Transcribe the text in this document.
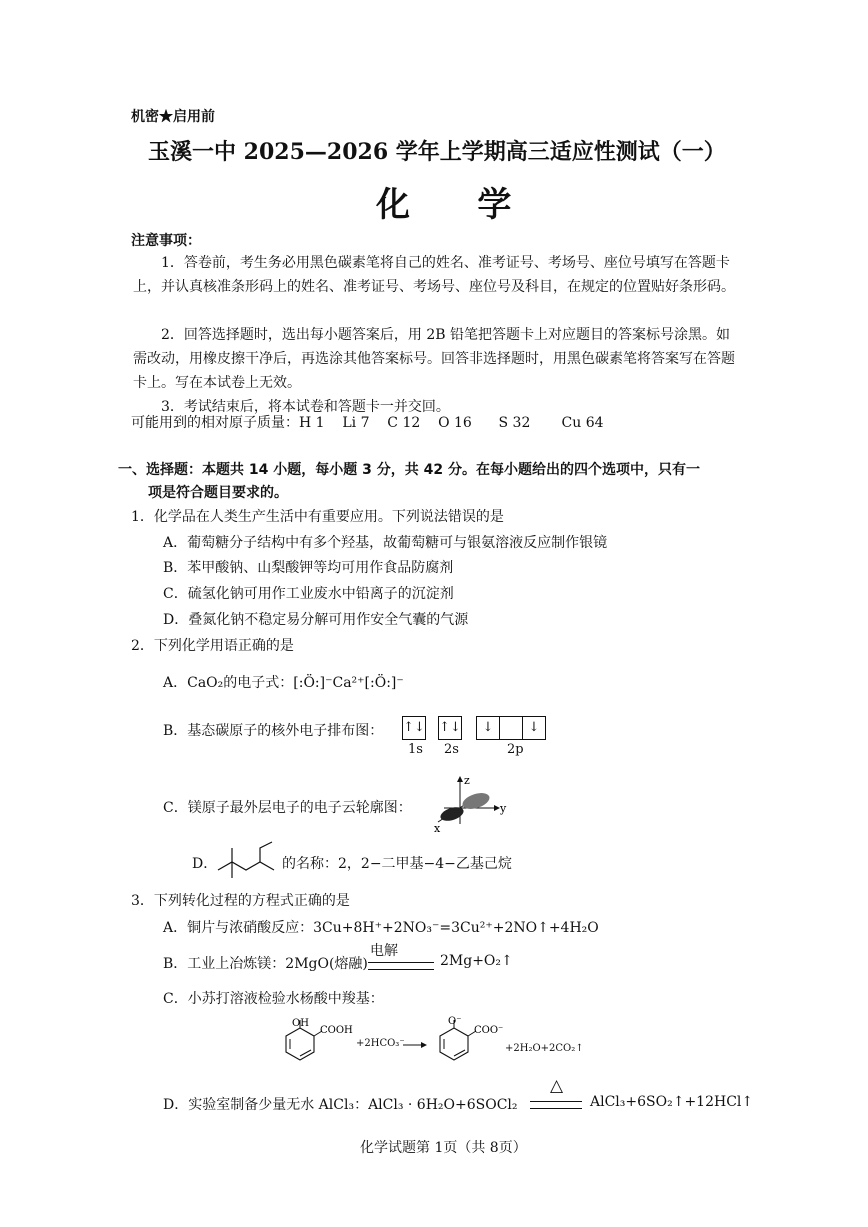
机密★启用前
玉溪一中 2025—2026 学年上学期高三适应性测试（一）
化    学
注意事项：
1．答卷前，考生务必用黑色碳素笔将自己的姓名、准考证号、考场号、座位号填写在答题卡上，并认真核准条形码上的姓名、准考证号、考场号、座位号及科目，在规定的位置贴好条形码。
2．回答选择题时，选出每小题答案后，用 2B 铅笔把答题卡上对应题目的答案标号涂黑。如需改动，用橡皮擦干净后，再选涂其他答案标号。回答非选择题时，用黑色碳素笔将答案写在答题卡上。写在本试卷上无效。
3．考试结束后，将本试卷和答题卡一并交回。
可能用到的相对原子质量：H 1    Li 7    C 12    O 16      S 32       Cu 64
一、选择题：本题共 14 小题，每小题 3 分，共 42 分。在每小题给出的四个选项中，只有一
项是符合题目要求的。
1．化学品在人类生产生活中有重要应用。下列说法错误的是
A．葡萄糖分子结构中有多个羟基，故葡萄糖可与银氨溶液反应制作银镜
B．苯甲酸钠、山梨酸钾等均可用作食品防腐剂
C．硫氢化钠可用作工业废水中铅离子的沉淀剂
D．叠氮化钠不稳定易分解可用作安全气囊的气源
2．下列化学用语正确的是
A．CaO₂的电子式：[:Ö:]⁻Ca²⁺[:Ö:]⁻
B．基态碳原子的核外电子排布图： ↑↓ ↑↓	↓	↓
1s 2s	2p
C．镁原子最外层电子的电子云轮廓图：
z
y
x
D．	的名称：2，2−二甲基−4−乙基己烷
3．下列转化过程的方程式正确的是
A．铜片与浓硝酸反应：3Cu+8H⁺+2NO₃⁻=3Cu²⁺+2NO↑+4H₂O
B．工业上冶炼镁：2MgO(熔融)
电解
2Mg+O₂↑
C．小苏打溶液检验水杨酸中羧基：
OH
COOH
+2HCO₃⁻
O⁻
COO⁻
+2H₂O+2CO₂↑
D．实验室制备少量无水 AlCl₃：AlCl₃ · 6H₂O+6SOCl₂
△
AlCl₃+6SO₂↑+12HCl↑
化学试题第 1页（共 8页）
